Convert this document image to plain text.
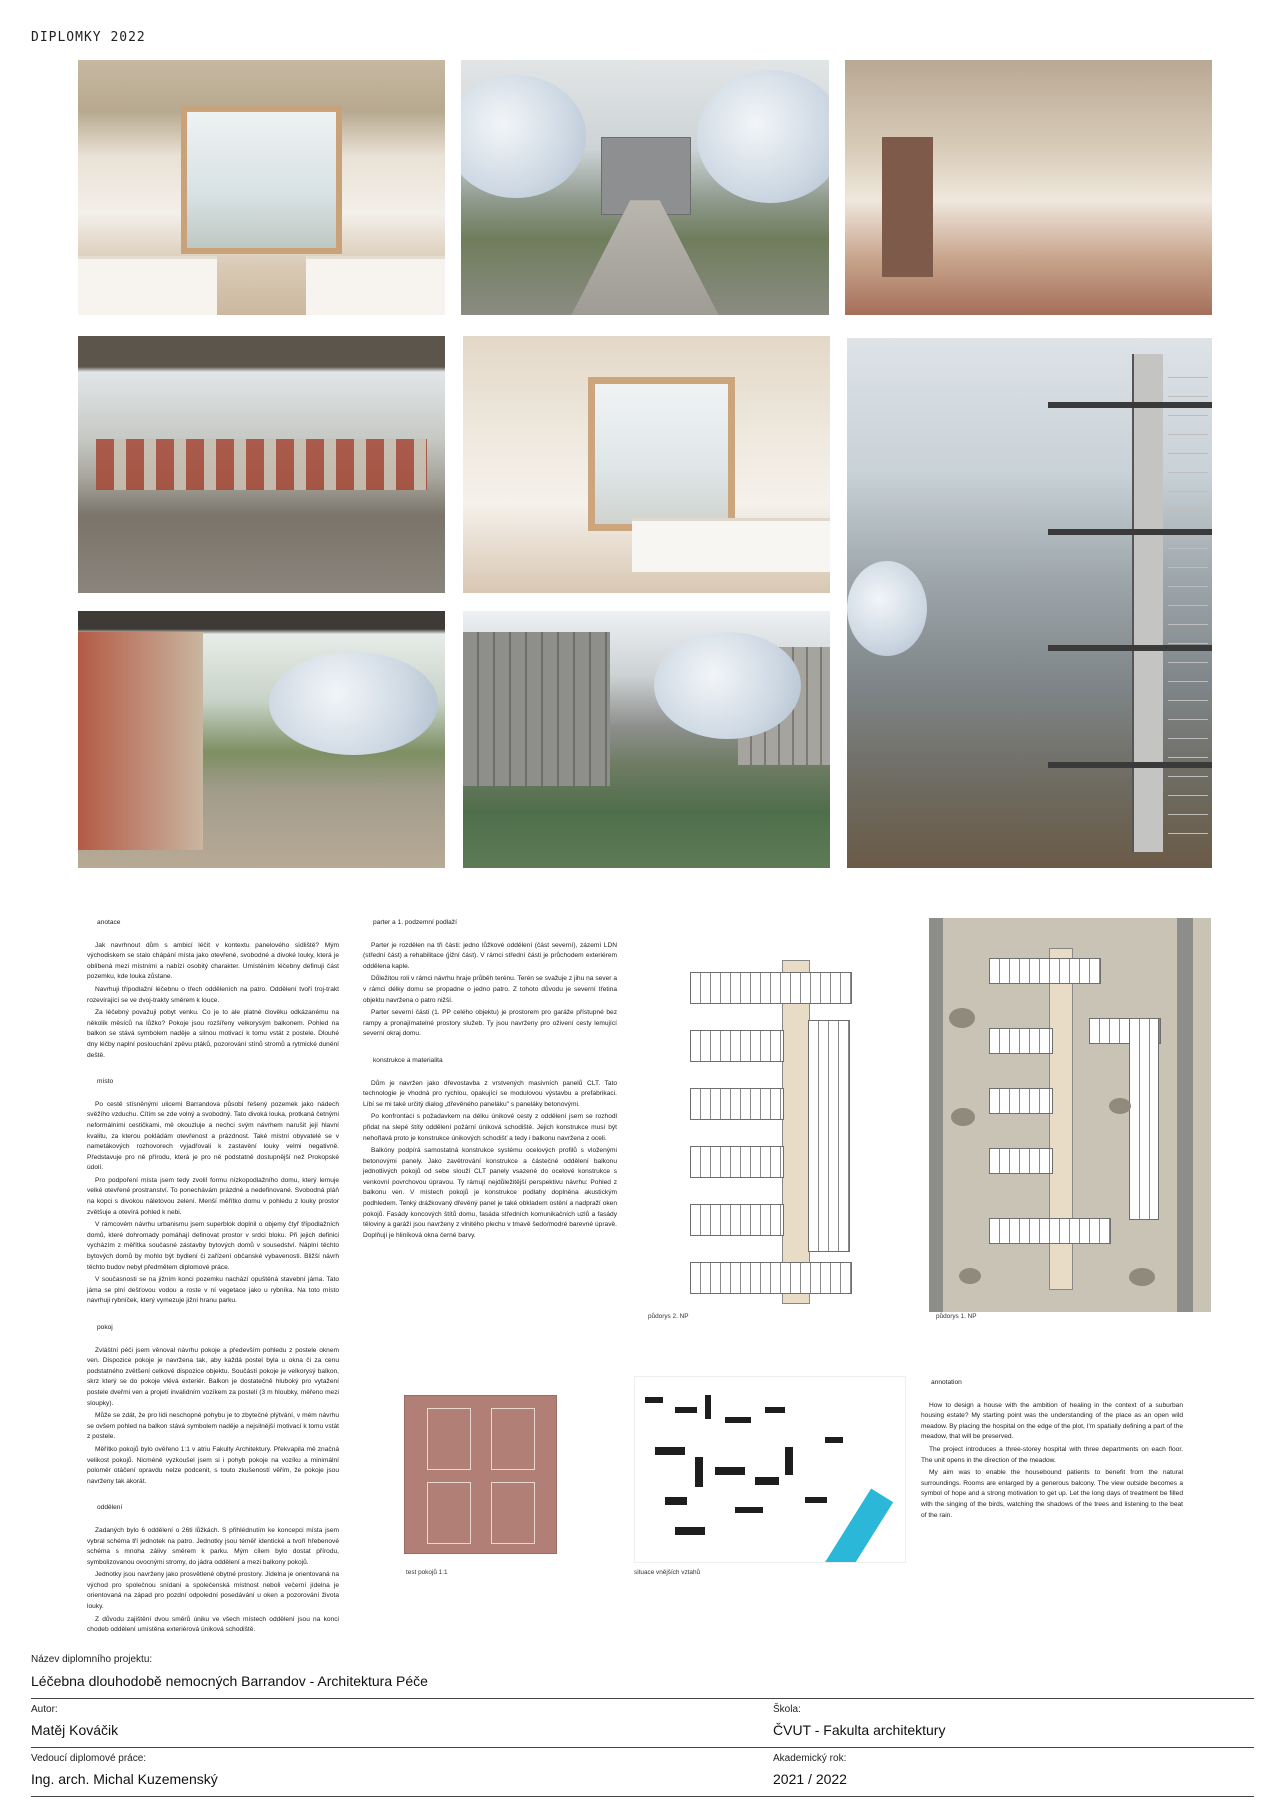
DIPLOMKY 2022
anotace

Jak navrhnout dům s ambicí léčit v kontextu panelového sídliště? Mým východiskem se stalo chápání místa jako otevřené, svobodné a divoké louky, která je oblíbená mezi místními a nabízí osobitý charakter. Umístěním léčebny definuji část pozemku, kde louka zůstane.

Navrhuji třípodlažní léčebnu o třech odděleních na patro. Oddělení tvoří troj-trakt rozevírající se ve dvoj-trakty směrem k louce.

Za léčebný považuji pobyt venku. Co je to ale platné člověku odkázanému na několik měsíců na lůžko? Pokoje jsou rozšířeny velkorysým balkonem. Pohled na balkon se stává symbolem naděje a silnou motivací k tomu vstát z postele. Dlouhé dny léčby naplní poslouchání zpěvu ptáků, pozorování stínů stromů a rytmické dunění deště.

místo

Po cestě stísněnými ulicemi Barrandova působí řešený pozemek jako nádech svěžího vzduchu. Cítím se zde volný a svobodný. Tato divoká louka, protkaná četnými neformálními cestičkami, mě okouzluje a nechci svým návrhem narušit její hlavní kvalitu, za kterou pokládám otevřenost a prázdnost. Také místní obyvatelé se v nametákových rozhovorech vyjadřovali k zastavění louky velmi negativně. Představuje pro ně přírodu, která je pro ně podstatně dostupnější než Prokopské údolí.

Pro podpoření místa jsem tedy zvolil formu nízkopodlažního domu, který lemuje velké otevřené prostranství. To ponechávám prázdné a nedefinované. Svobodná pláň na kopci s divokou náletovou zelení. Menší měřítko domu v pohledu z louky prostor zvětšuje a otevírá pohled k nebi.

V rámcovém návrhu urbanismu jsem superblok doplnil o objemy čtyř třípodlažních domů, které dohromady pomáhají definovat prostor v srdci bloku. Při jejich definici vycházím z měřítka současné zástavby bytových domů v sousedství. Náplní těchto bytových domů by mohlo být bydlení či zařízení občanské vybavenosti. Bližší návrh těchto budov nebyl předmětem diplomové práce.

V současnosti se na jižním konci pozemku nachází opuštěná stavební jáma. Tato jáma se plní dešťovou vodou a roste v ní vegetace jako u rybníka. Na toto místo navrhuji rybníček, který vymezuje jižní hranu parku.

pokoj

Zvláštní péči jsem věnoval návrhu pokoje a především pohledu z postele oknem ven. Dispozice pokoje je navržena tak, aby každá postel byla u okna či za cenu podstatného zvětšení celkové dispozice objektu. Součástí pokoje je velkorysý balkon, skrz který se do pokoje vlévá exteriér. Balkon je dostatečně hluboký pro vytažení postele dveřmi ven a projetí invalidním vozíkem za postelí (3 m hloubky, měřeno mezi sloupky).

Může se zdát, že pro lidi neschopné pohybu je to zbytečné plýtvání, v mém návrhu se ovšem pohled na balkon stává symbolem naděje a nejsilnější motivací k tomu vstát z postele.

Měřítko pokojů bylo ověřeno 1:1 v atriu Fakulty Architektury. Překvapila mě značná velikost pokojů. Nicméně vyzkoušel jsem si i pohyb pokoje na vozíku a minimální poloměr otáčení opravdu nelze podcenit, s touto zkušeností věřím, že pokoje jsou navrženy tak akorát.

oddělení

Zadaných bylo 6 oddělení o 26ti lůžkách. S přihlédnutím ke koncepci místa jsem vybral schéma tří jednotek na patro. Jednotky jsou téměř identické a tvoří hřebenové schéma s mnoha zálivy směrem k parku. Mým cílem bylo dostat přírodu, symbolizovanou ovocnými stromy, do jádra oddělení a mezi balkony pokojů.

Jednotky jsou navrženy jako prosvětlené obytné prostory. Jídelna je orientovaná na východ pro společnou snídani a společenská místnost neboli večerní jídelna je orientovaná na západ pro pozdní odpolední posedávání u oken a pozorování života louky.

Z důvodu zajištění dvou směrů úniku ve všech místech oddělení jsou na konci chodeb oddělení umístěna exteriérová úniková schodiště.

parter a 1. podzemní podlaží

Parter je rozdělen na tři části: jedno lůžkové oddělení (část severní), zázemí LDN (střední část) a rehabilitace (jižní část). V rámci střední části je průchodem exteriérem oddělena kaple.

Důležitou roli v rámci návrhu hraje průběh terénu. Terén se svažuje z jihu na sever a v rámci délky domu se propadne o jedno patro. Z tohoto důvodu je severní třetina objektu navržena o patro nižší.

Parter severní části (1. PP celého objektu) je prostorem pro garáže přístupné bez rampy a pronajímatelné prostory služeb. Ty jsou navrženy pro oživení cesty lemující severní okraj domu.

konstrukce a materialita

Dům je navržen jako dřevostavba z vrstvených masivních panelů CLT. Tato technologie je vhodná pro rychlou, opakující se modulovou výstavbu a prefabrikaci. Líbí se mi také určitý dialog „dřevěného paneláku" s paneláky betonovými.

Po konfrontaci s požadavkem na délku únikové cesty z oddělení jsem se rozhodl přidat na slepé štíty oddělení požární úniková schodiště. Jejich konstrukce musí být nehořlavá proto je konstrukce únikových schodišť a tedy i balkonu navržena z oceli.

Balkóny podpírá samostatná konstrukce systému ocelových profilů s vloženými betonovými panely. Jako zavětrování konstrukce a částečné oddělení balkonu jednotlivých pokojů od sebe slouží CLT panely vsazené do ocelové konstrukce s venkovní povrchovou úpravou. Ty rámují nejdůležitější perspektivu návrhu: Pohled z balkonu ven. V místech pokojů je konstrukce podlahy doplněna akustickým podhledem. Tenký drážkovaný dřevěný panel je také obkladem ostění a nadpraží oken pokojů. Fasády koncových štítů domu, fasáda středních komunikačních uzlů a fasády těloviny a garáží jsou navrženy z vlnitého plechu v tmavě šedo/modré barevné úpravě. Doplňují je hliníková okna černé barvy.

půdorys 2. NP	půdorys 1. NP
test pokojů 1:1	situace vnějších vztahů
annotation

How to design a house with the ambition of healing in the context of a suburban housing estate? My starting point was the understanding of the place as an open wild meadow. By placing the hospital on the edge of the plot, I'm spatially defining a part of the meadow, that will be preserved.

The project introduces a three-storey hospital with three departments on each floor. The unit opens in the direction of the meadow.

My aim was to enable the housebound patients to benefit from the natural surroundings. Rooms are enlarged by a generous balcony. The view outside becomes a symbol of hope and a strong motivation to get up. Let the long days of treatment be filled with the singing of the birds, watching the shadows of the trees and listening to the beat of the rain.

Název diplomního projektu:
Léčebna dlouhodobě nemocných Barrandov - Architektura Péče
Autor:
Matěj Kováčik
Škola:
ČVUT - Fakulta architektury
Vedoucí diplomové práce:
Ing. arch. Michal Kuzemenský
Akademický rok:
2021 / 2022
